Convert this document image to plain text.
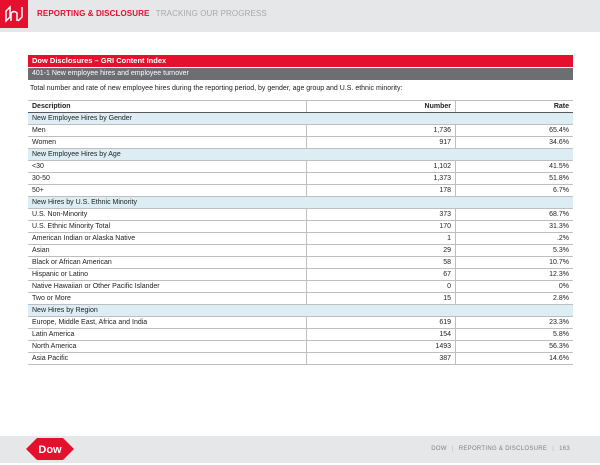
REPORTING & DISCLOSURE TRACKING OUR PROGRESS
Dow Disclosures – GRI Content Index
401-1 New employee hires and employee turnover
Total number and rate of new employee hires during the reporting period, by gender, age group and U.S. ethnic minority:
Description	Number	Rate
New Employee Hires by Gender		
Men	1,736	65.4%
Women	917	34.6%
New Employee Hires by Age		
<30	1,102	41.5%
30-50	1,373	51.8%
50+	178	6.7%
New Hires by U.S. Ethnic Minority		
U.S. Non-Minority	373	68.7%
U.S. Ethnic Minority Total	170	31.3%
American Indian or Alaska Native	1	.2%
Asian	29	5.3%
Black or African American	58	10.7%
Hispanic or Latino	67	12.3%
Native Hawaiian or Other Pacific Islander	0	0%
Two or More	15	2.8%
New Hires by Region		
Europe, Middle East, Africa and India	619	23.3%
Latin America	154	5.8%
North America	1493	56.3%
Asia Pacific	387	14.6%
Dow	DOW | REPORTING & DISCLOSURE | 163
